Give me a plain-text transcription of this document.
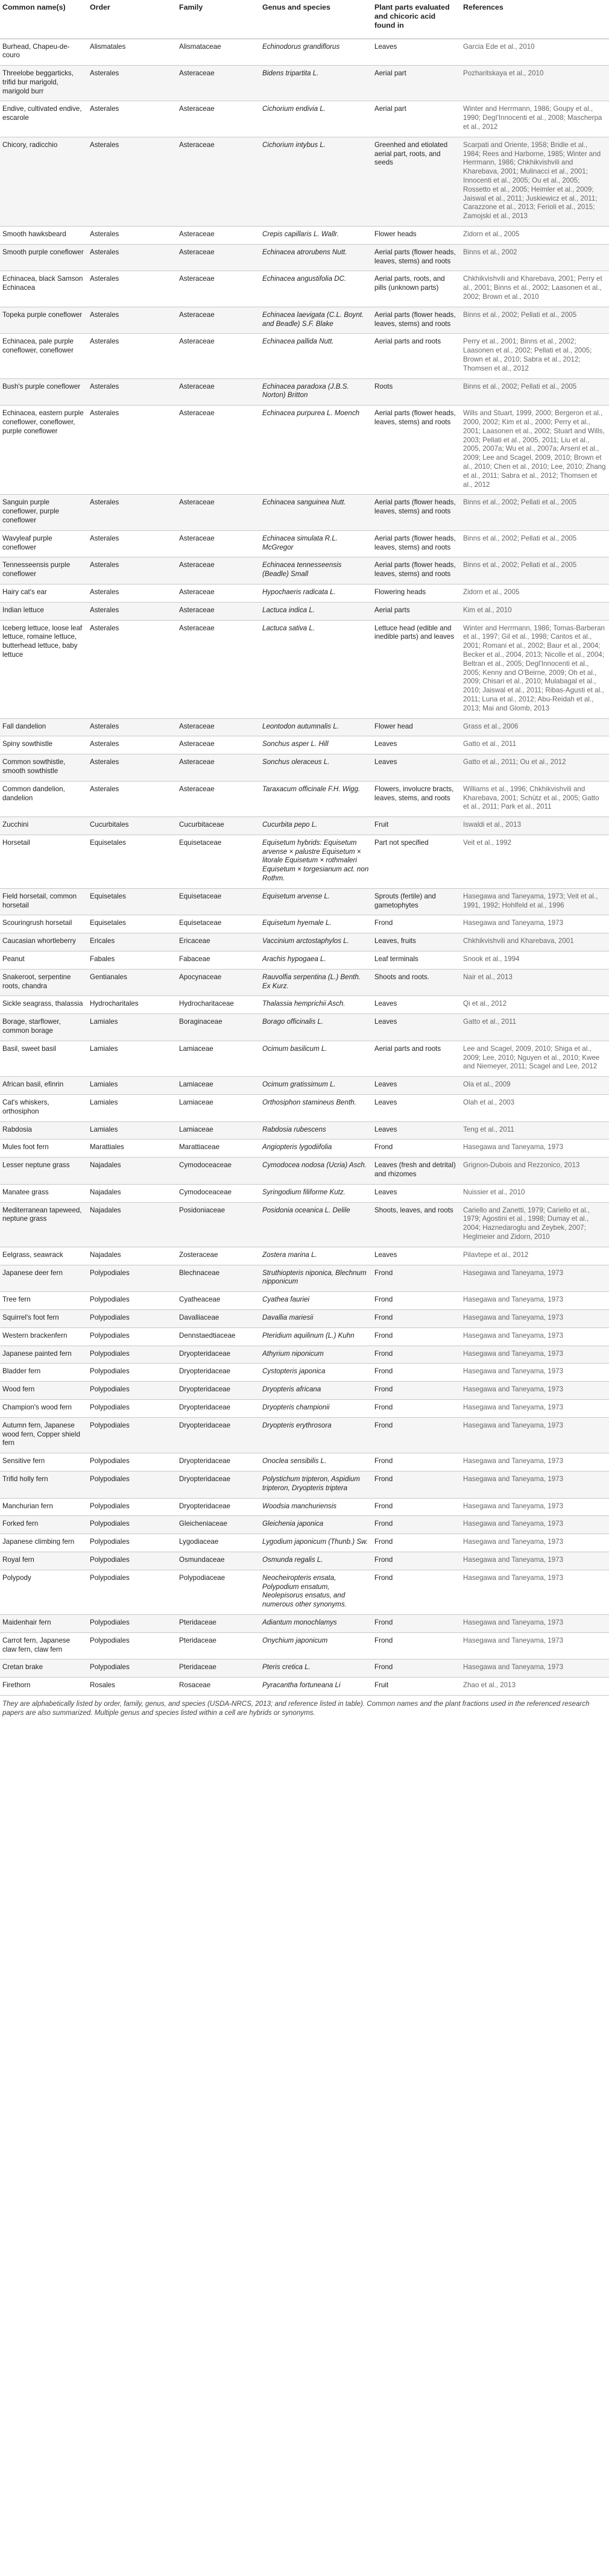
Common name(s)	Order	Family	Genus and species	Plant parts evaluated and chicoric acid found in	References
Burhead, Chapeu-de-couro	Alismatales	Alismataceae	Echinodorus grandiflorus	Leaves	Garcia Ede et al., 2010
Threelobe beggarticks, trifid bur marigold, marigold burr	Asterales	Asteraceae	Bidens tripartita L.	Aerial part	Pozharitskaya et al., 2010
Endive, cultivated endive, escarole	Asterales	Asteraceae	Cichorium endivia L.	Aerial part	Winter and Herrmann, 1986; Goupy et al., 1990; DegI'Innocenti et al., 2008; Mascherpa et al., 2012
Chicory, radicchio	Asterales	Asteraceae	Cichorium intybus L.	Greenhed and etiolated aerial part, roots, and seeds	Scarpati and Oriente, 1958; Bridle et al., 1984; Rees and Harborne, 1985; Winter and Herrmann, 1986; Chkhikvishvili and Kharebava, 2001; Mulinacci et al., 2001; Innocenti et al., 2005; Ou et al., 2005; Rossetto et al., 2005; Heimler et al., 2009; Jaiswal et al., 2011; Juskiewicz et al., 2011; Carazzone et al., 2013; Ferioli et al., 2015; Zamojski et al., 2013
Smooth hawksbeard	Asterales	Asteraceae	Crepis capillaris L. Wallr.	Flower heads	Zidorn et al., 2005
Smooth purple coneflower	Asterales	Asteraceae	Echinacea atrorubens Nutt.	Aerial parts (flower heads, leaves, stems) and roots	Binns et al., 2002
Echinacea, black Samson Echinacea	Asterales	Asteraceae	Echinacea angustifolia DC.	Aerial parts, roots, and pills (unknown parts)	Chkhikvishvili and Kharebava, 2001; Perry et al., 2001; Binns et al., 2002; Laasonen et al., 2002; Brown et al., 2010
Topeka purple coneflower	Asterales	Asteraceae	Echinacea laevigata (C.L. Boynt. and Beadle) S.F. Blake	Aerial parts (flower heads, leaves, stems) and roots	Binns et al., 2002; Pellati et al., 2005
Echinacea, pale purple coneflower, coneflower	Asterales	Asteraceae	Echinacea pallida Nutt.	Aerial parts and roots	Perry et al., 2001; Binns et al., 2002; Laasonen et al., 2002; Pellati et al., 2005; Brown et al., 2010; Sabra et al., 2012; Thomsen et al., 2012
Bush's purple coneflower	Asterales	Asteraceae	Echinacea paradoxa (J.B.S. Norton) Britton	Roots	Binns et al., 2002; Pellati et al., 2005
Echinacea, eastern purple coneflower, coneflower, purple coneflower	Asterales	Asteraceae	Echinacea purpurea L. Moench	Aerial parts (flower heads, leaves, stems) and roots	Wills and Stuart, 1999, 2000; Bergeron et al., 2000, 2002; Kim et al., 2000; Perry et al., 2001; Laasonen et al., 2002; Stuart and Wills, 2003; Pellati et al., 2005, 2011; Liu et al., 2005, 2007a; Wu et al., 2007a; Arsenl et al., 2009; Lee and Scagel, 2009, 2010; Brown et al., 2010; Chen et al., 2010; Lee, 2010; Zhang et al., 2011; Sabra et al., 2012; Thomsen et al., 2012
Sanguin purple coneflower, purple coneflower	Asterales	Asteraceae	Echinacea sanguinea Nutt.	Aerial parts (flower heads, leaves, stems) and roots	Binns et al., 2002; Pellati et al., 2005
Wavyleaf purple coneflower	Asterales	Asteraceae	Echinacea simulata R.L. McGregor	Aerial parts (flower heads, leaves, stems) and roots	Binns et al., 2002; Pellati et al., 2005
Tennesseensis purple coneflower	Asterales	Asteraceae	Echinacea tennesseensis (Beadle) Small	Aerial parts (flower heads, leaves, stems) and roots	Binns et al., 2002; Pellati et al., 2005
Hairy cat's ear	Asterales	Asteraceae	Hypochaeris radicata L.	Flowering heads	Zidorn et al., 2005
Indian lettuce	Asterales	Asteraceae	Lactuca indica L.	Aerial parts	Kim et al., 2010
Iceberg lettuce, loose leaf lettuce, romaine lettuce, butterhead lettuce, baby lettuce	Asterales	Asteraceae	Lactuca sativa L.	Lettuce head (edible and inedible parts) and leaves	Winter and Herrmann, 1986; Tomas-Barberan et al., 1997; Gil et al., 1998; Cantos et al., 2001; Romani et al., 2002; Baur et al., 2004; Becker et al., 2004, 2013; Nicolle et al., 2004; Beltran et al., 2005; Degl'Innocenti et al., 2005; Kenny and O'Beirne, 2009; Oh et al., 2009; Chisari et al., 2010; Mulabagal et al., 2010; Jaiswal et al., 2011; Ribas-Agusti et al., 2011; Luna et al., 2012; Abu-Reidah et al., 2013; Mai and Glomb, 2013
Fall dandelion	Asterales	Asteraceae	Leontodon autumnalis L.	Flower head	Grass et al., 2006
Spiny sowthistle	Asterales	Asteraceae	Sonchus asper L. Hill	Leaves	Gatto et al., 2011
Common sowthistle, smooth sowthistle	Asterales	Asteraceae	Sonchus oleraceus L.	Leaves	Gatto et al., 2011; Ou et al., 2012
Common dandelion, dandelion	Asterales	Asteraceae	Taraxacum officinale F.H. Wigg.	Flowers, involucre bracts, leaves, stems, and roots	Williams et al., 1996; Chkhikvishvili and Kharebava, 2001; Schütz et al., 2005; Gatto et al., 2011; Park et al., 2011
Zucchini	Cucurbitales	Cucurbitaceae	Cucurbita pepo L.	Fruit	Iswaldi et al., 2013
Horsetail	Equisetales	Equisetaceae	Equisetum hybrids: Equisetum arvense × palustre Equisetum × litorale Equisetum × rothmaleri Equisetum × torgesianum act. non Rothm.	Part not specified	Veit et al., 1992
Field horsetail, common horsetail	Equisetales	Equisetaceae	Equisetum arvense L.	Sprouts (fertile) and gametophytes	Hasegawa and Taneyama, 1973; Veit et al., 1991, 1992; Hohlfeld et al., 1996
Scouringrush horsetail	Equisetales	Equisetaceae	Equisetum hyemale L.	Frond	Hasegawa and Taneyama, 1973
Caucasian whortleberry	Ericales	Ericaceae	Vaccinium arctostaphylos L.	Leaves, fruits	Chkhikvishvili and Kharebava, 2001
Peanut	Fabales	Fabaceae	Arachis hypogaea L.	Leaf terminals	Snook et al., 1994
Snakeroot, serpentine roots, chandra	Gentianales	Apocynaceae	Rauvolfia serpentina (L.) Benth. Ex Kurz.	Shoots and roots.	Nair et al., 2013
Sickle seagrass, thalassia	Hydrocharitales	Hydrocharitaceae	Thalassia hemprichii Asch.	Leaves	Qi et al., 2012
Borage, starflower, common borage	Lamiales	Boraginaceae	Borago officinalis L.	Leaves	Gatto et al., 2011
Basil, sweet basil	Lamiales	Lamiaceae	Ocimum basilicum L.	Aerial parts and roots	Lee and Scagel, 2009, 2010; Shiga et al., 2009; Lee, 2010; Nguyen et al., 2010; Kwee and Niemeyer, 2011; Scagel and Lee, 2012
African basil, efinrin	Lamiales	Lamiaceae	Ocimum gratissimum L.	Leaves	Ola et al., 2009
Cat's whiskers, orthosiphon	Lamiales	Lamiaceae	Orthosiphon stamineus Benth.	Leaves	Olah et al., 2003
Rabdosia	Lamiales	Lamiaceae	Rabdosia rubescens	Leaves	Teng et al., 2011
Mules foot fern	Marattiales	Marattiaceae	Angiopteris lygodiifolia	Frond	Hasegawa and Taneyama, 1973
Lesser neptune grass	Najadales	Cymodoceaceae	Cymodocea nodosa (Ucria) Asch.	Leaves (fresh and detrital) and rhizomes	Grignon-Dubois and Rezzonico, 2013
Manatee grass	Najadales	Cymodoceaceae	Syringodium filiforme Kutz.	Leaves	Nuissier et al., 2010
Mediterranean tapeweed, neptune grass	Najadales	Posidoniaceae	Posidonia oceanica L. Delile	Shoots, leaves, and roots	Cariello and Zanetti, 1979; Cariello et al., 1979; Agostini et al., 1998; Dumay et al., 2004; Haznedaroglu and Zeybek, 2007; Heglmeier and Zidorn, 2010
Eelgrass, seawrack	Najadales	Zosteraceae	Zostera marina L.	Leaves	Pilavtepe et al., 2012
Japanese deer fern	Polypodiales	Blechnaceae	Struthiopteris niponica, Blechnum nipponicum	Frond	Hasegawa and Taneyama, 1973
Tree fern	Polypodiales	Cyatheaceae	Cyathea fauriei	Frond	Hasegawa and Taneyama, 1973
Squirrel's foot fern	Polypodiales	Davalliaceae	Davallia mariesii	Frond	Hasegawa and Taneyama, 1973
Western brackenfern	Polypodiales	Dennstaedtiaceae	Pteridium aquilinum (L.) Kuhn	Frond	Hasegawa and Taneyama, 1973
Japanese painted fern	Polypodiales	Dryopteridaceae	Athyrium niponicum	Frond	Hasegawa and Taneyama, 1973
Bladder fern	Polypodiales	Dryopteridaceae	Cystopteris japonica	Frond	Hasegawa and Taneyama, 1973
Wood fern	Polypodiales	Dryopteridaceae	Dryopteris africana	Frond	Hasegawa and Taneyama, 1973
Champion's wood fern	Polypodiales	Dryopteridaceae	Dryopteris championii	Frond	Hasegawa and Taneyama, 1973
Autumn fern, Japanese wood fern, Copper shield fern	Polypodiales	Dryopteridaceae	Dryopteris erythrosora	Frond	Hasegawa and Taneyama, 1973
Sensitive fern	Polypodiales	Dryopteridaceae	Onoclea sensibilis L.	Frond	Hasegawa and Taneyama, 1973
Trifid holly fern	Polypodiales	Dryopteridaceae	Polystichum tripteron, Aspidium tripteron, Dryopteris triptera	Frond	Hasegawa and Taneyama, 1973
Manchurian fern	Polypodiales	Dryopteridaceae	Woodsia manchuriensis	Frond	Hasegawa and Taneyama, 1973
Forked fern	Polypodiales	Gleicheniaceae	Gleichenia japonica	Frond	Hasegawa and Taneyama, 1973
Japanese climbing fern	Polypodiales	Lygodiaceae	Lygodium japonicum (Thunb.) Sw.	Frond	Hasegawa and Taneyama, 1973
Royal fern	Polypodiales	Osmundaceae	Osmunda regalis L.	Frond	Hasegawa and Taneyama, 1973
Polypody	Polypodiales	Polypodiaceae	Neocheiropteris ensata, Polypodium ensatum, Neolepisorus ensatus, and numerous other synonyms.	Frond	Hasegawa and Taneyama, 1973
Maidenhair fern	Polypodiales	Pteridaceae	Adiantum monochlamys	Frond	Hasegawa and Taneyama, 1973
Carrot fern, Japanese claw fern, claw fern	Polypodiales	Pteridaceae	Onychium japonicum	Frond	Hasegawa and Taneyama, 1973
Cretan brake	Polypodiales	Pteridaceae	Pteris cretica L.	Frond	Hasegawa and Taneyama, 1973
Firethorn	Rosales	Rosaceae	Pyracantha fortuneana Li	Fruit	Zhao et al., 2013
They are alphabetically listed by order, family, genus, and species (USDA-NRCS, 2013; and reference listed in table). Common names and the plant fractions used in the referenced research papers are also summarized. Multiple genus and species listed within a cell are hybrids or synonyms.
